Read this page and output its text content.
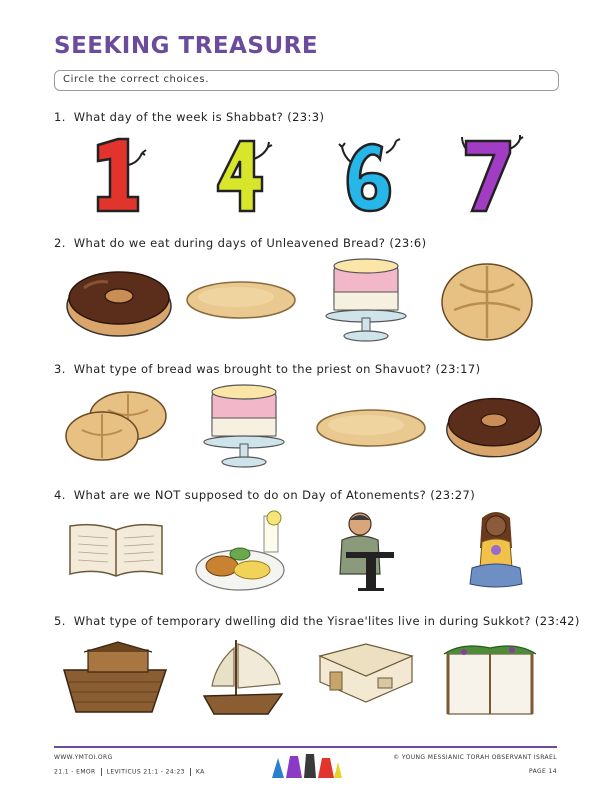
SEEKING TREASURE
Circle the correct choices.
1. What day of the week is Shabbat? (23:3)
2. What do we eat during days of Unleavened Bread? (23:6)
3. What type of bread was brought to the priest on Shavuot? (23:17)
4. What are we NOT supposed to do on Day of Atonements? (23:27)
5. What type of temporary dwelling did the Yisrae'lites live in during Sukkot? (23:42)
WWW.YMTOI.ORG
21.1 - EMOR LEVITICUS 21:1 - 24:23 KA
© YOUNG MESSIANIC TORAH OBSERVANT ISRAEL
PAGE 14
